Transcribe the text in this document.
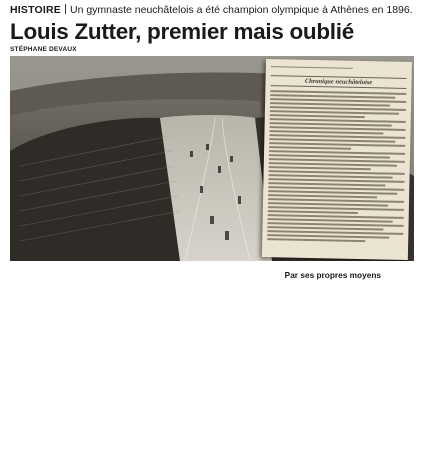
HISTOIRE Un gymnaste neuchâtelois a été champion olympique à Athènes en 1896.
Louis Zutter, premier mais oublié
STÉPHANE DEVAUX
Chronique neuchâteloise

Par ses propres moyens
